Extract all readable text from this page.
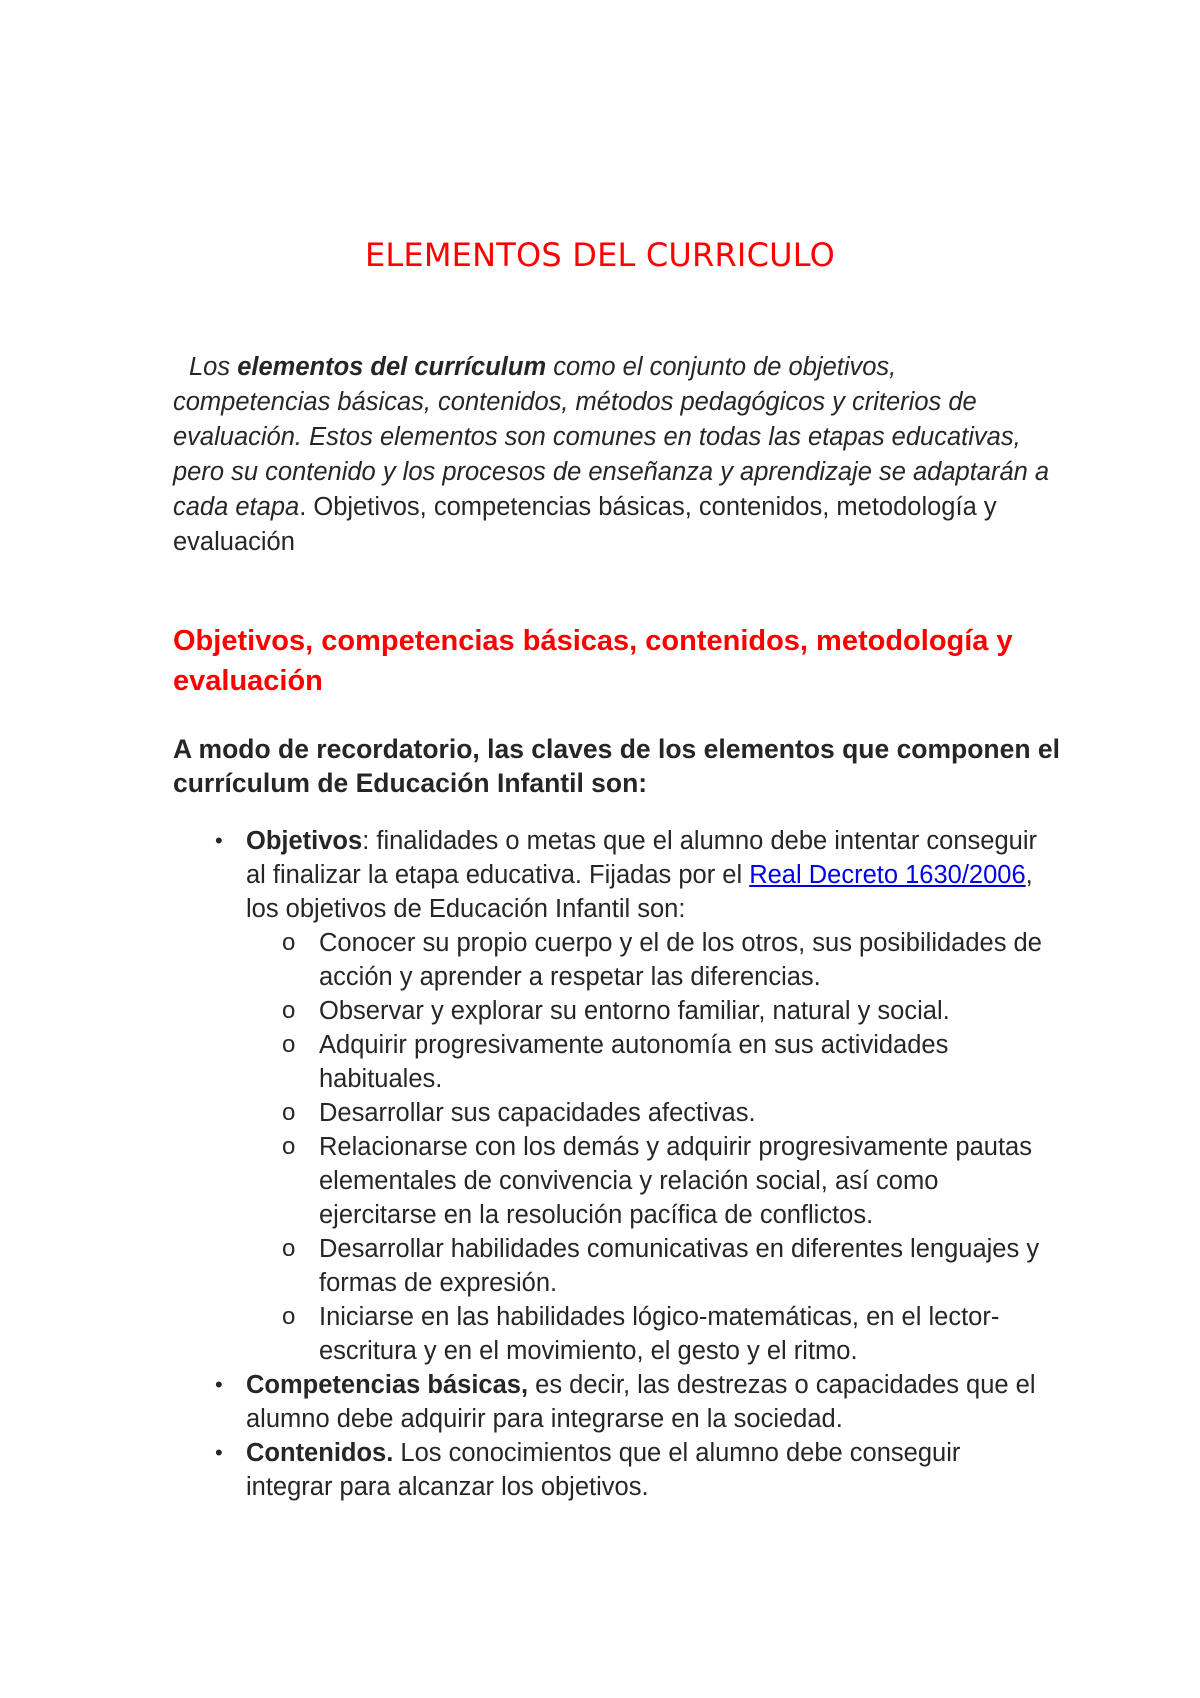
ELEMENTOS DEL CURRICULO

Los elementos del currículum como el conjunto de objetivos, competencias básicas, contenidos, métodos pedagógicos y criterios de evaluación. Estos elementos son comunes en todas las etapas educativas, pero su contenido y los procesos de enseñanza y aprendizaje se adaptarán a cada etapa. Objetivos, competencias básicas, contenidos, metodología y evaluación

Objetivos, competencias básicas, contenidos, metodología y evaluación

A modo de recordatorio, las claves de los elementos que componen el currículum de Educación Infantil son:

• Objetivos: finalidades o metas que el alumno debe intentar conseguir al finalizar la etapa educativa. Fijadas por el Real Decreto 1630/2006, los objetivos de Educación Infantil son:
o Conocer su propio cuerpo y el de los otros, sus posibilidades de acción y aprender a respetar las diferencias.
o Observar y explorar su entorno familiar, natural y social.
o Adquirir progresivamente autonomía en sus actividades habituales.
o Desarrollar sus capacidades afectivas.
o Relacionarse con los demás y adquirir progresivamente pautas elementales de convivencia y relación social, así como ejercitarse en la resolución pacífica de conflictos.
o Desarrollar habilidades comunicativas en diferentes lenguajes y formas de expresión.
o Iniciarse en las habilidades lógico-matemáticas, en el lector-escritura y en el movimiento, el gesto y el ritmo.
• Competencias básicas, es decir, las destrezas o capacidades que el alumno debe adquirir para integrarse en la sociedad.
• Contenidos. Los conocimientos que el alumno debe conseguir integrar para alcanzar los objetivos.
